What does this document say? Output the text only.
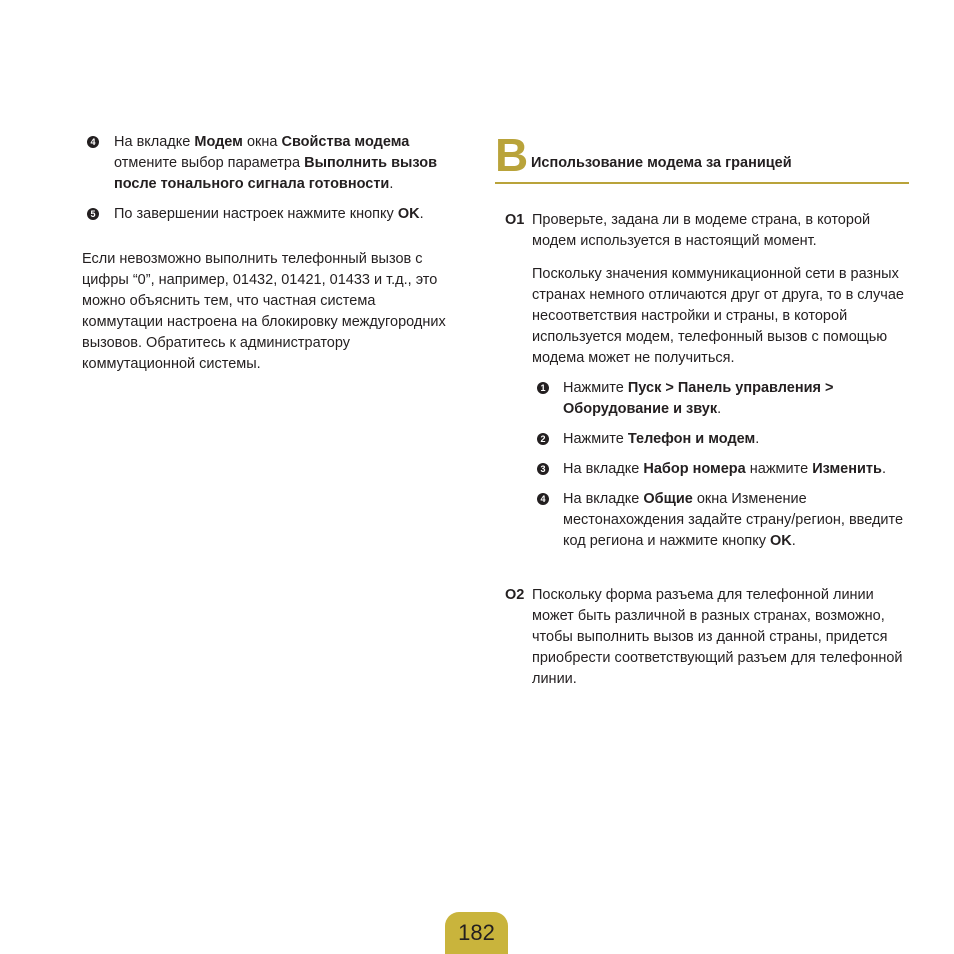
4 На вкладке Модем окна Свойства модема отмените выбор параметра Выполнить вызов после тонального сигнала готовности.
5 По завершении настроек нажмите кнопку OK.
Если невозможно выполнить телефонный вызов с цифры “0”, например, 01432, 01421, 01433 и т.д., это можно объяснить тем, что частная система коммутации настроена на блокировку междугородних вызовов. Обратитесь к администратору коммутационной системы.
B Использование модема за границей
O1 Проверьте, задана ли в модеме страна, в которой модем используется в настоящий момент.

Поскольку значения коммуникационной сети в разных странах немного отличаются друг от друга, то в случае несоответствия настройки и страны, в которой используется модем, телефонный вызов с помощью модема может не получиться.

1 Нажмите Пуск > Панель управления > Оборудование и звук.
2 Нажмите Телефон и модем.
3 На вкладке Набор номера нажмите Изменить.
4 На вкладке Общие окна Изменение местонахождения задайте страну/регион, введите код региона и нажмите кнопку OK.
O2 Поскольку форма разъема для телефонной линии может быть различной в разных странах, возможно, чтобы выполнить вызов из данной страны, придется приобрести соответствующий разъем для телефонной линии.

182
